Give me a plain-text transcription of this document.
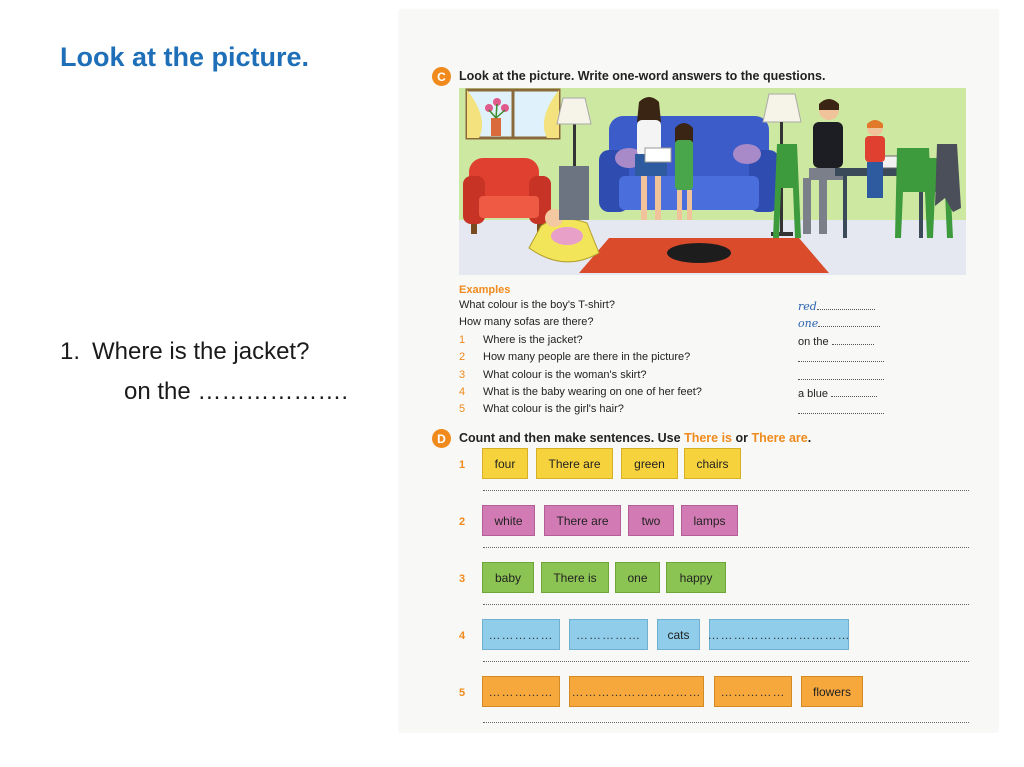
Look at the picture.
1. Where is the jacket?
on the ……………….
C	Look at the picture. Write one-word answers to the questions.
Examples
What colour is the boy's T-shirt?	red
How many sofas are there?	one
1	Where is the jacket?	on the
2	How many people are there in the picture?
3	What colour is the woman's skirt?
4	What is the baby wearing on one of her feet?	a blue
5	What colour is the girl's hair?
D	Count and then make sentences. Use There is or There are.
1	four	There are	green	chairs
2	white	There are	two	lamps
3	baby	There is	one	happy
4	……………	……………	cats	……………………………
5	……………	…………………………	……………	flowers
